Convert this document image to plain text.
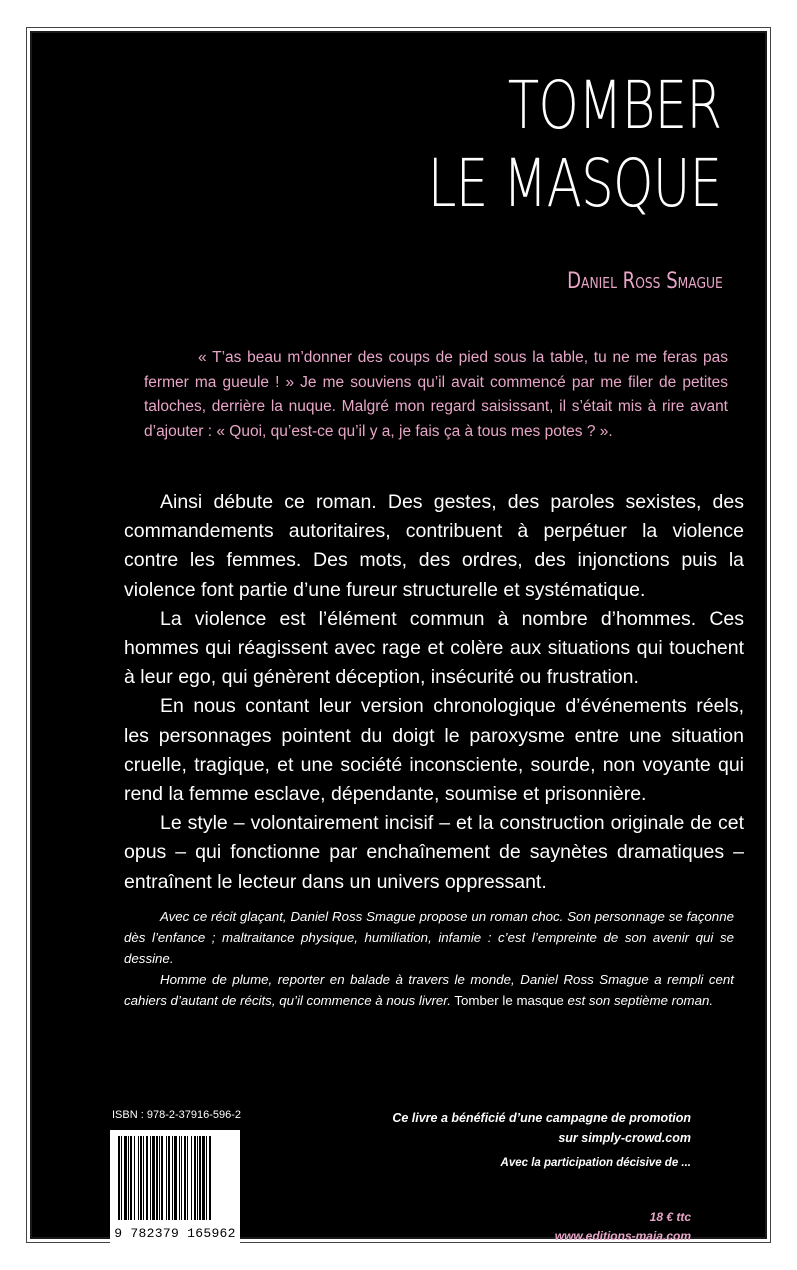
TOMBER
LE MASQUE
Daniel Ross Smague
« T’as beau m’donner des coups de pied sous la table, tu ne me feras pas fermer ma gueule ! » Je me souviens qu’il avait commencé par me filer de petites taloches, derrière la nuque. Malgré mon regard saisissant, il s’était mis à rire avant d’ajouter : « Quoi, qu’est-ce qu’il y a, je fais ça à tous mes potes ? ».

Ainsi débute ce roman. Des gestes, des paroles sexistes, des commandements autoritaires, contribuent à perpétuer la violence contre les femmes. Des mots, des ordres, des injonctions puis la violence font partie d’une fureur structurelle et systématique.

La violence est l’élément commun à nombre d’hommes. Ces hommes qui réagissent avec rage et colère aux situations qui touchent à leur ego, qui génèrent déception, insécurité ou frustration.

En nous contant leur version chronologique d’événements réels, les personnages pointent du doigt le paroxysme entre une situation cruelle, tragique, et une société inconsciente, sourde, non voyante qui rend la femme esclave, dépendante, soumise et prisonnière.

Le style – volontairement incisif – et la construction originale de cet opus – qui fonctionne par enchaînement de saynètes dramatiques – entraînent le lecteur dans un univers oppressant.

Avec ce récit glaçant, Daniel Ross Smague propose un roman choc. Son personnage se façonne dès l’enfance ; maltraitance physique, humiliation, infamie : c’est l’empreinte de son avenir qui se dessine.

Homme de plume, reporter en balade à travers le monde, Daniel Ross Smague a rempli cent cahiers d’autant de récits, qu’il commence à nous livrer. Tomber le masque est son septième roman.

ISBN : 978-2-37916-596-2
9 782379 165962
Ce livre a bénéficié d’une campagne de promotion
sur simply-crowd.com
Avec la participation décisive de ...
18 € ttc
www.editions-maia.com
